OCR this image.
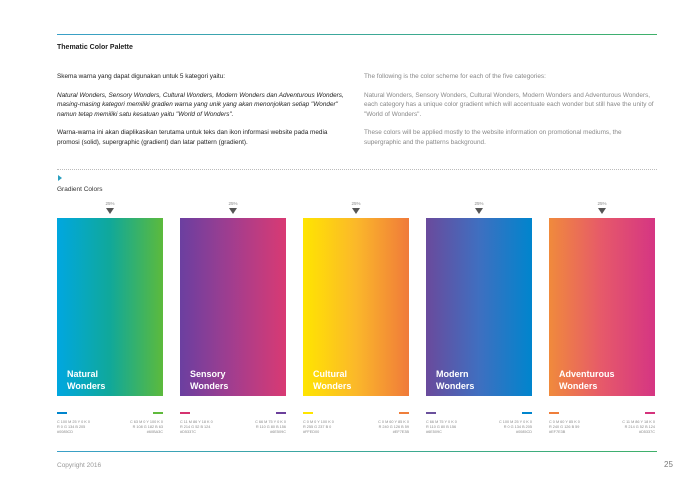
Thematic Color Palette

Skema warna yang dapat digunakan untuk 5 kategori yaitu:

Natural Wonders, Sensory Wonders, Cultural Wonders, Modern Wonders dan Adventurous Wonders, masing-masing kategori memiliki gradien warna yang unik yang akan menonjolkan setiap "Wonder" namun tetap memiliki satu kesatuan yaitu "World of Wonders".

Warna-warna ini akan diaplikasikan terutama untuk teks dan ikon informasi website pada media promosi (solid), supergraphic (gradient) dan latar pattern (gradient).

The following is the color scheme for each of the five categories:

Natural Wonders, Sensory Wonders, Cultural Wonders, Modern Wonders and Adventurous Wonders, each category has a unique color gradient which will accentuate each wonder but still have the unity of "World of Wonders".

These colors will be applied mostly to the website information on promotional mediums, the supergraphic and the patterns background.

Gradient Colors
25%
Natural
Wonders
C 100 M 25 Y 0 K 0
R 0 G 134 B 205
#0085CD
C 63 M 0 Y 100 K 0
R 108 G 182 B 63
#60BA3C
25%
Sensory
Wonders
C 11 M 86 Y 18 K 0
R 214 G 52 B 124
#D5337C
C 66 M 75 Y 0 K 0
R 110 G 80 B 156
#6E509C
25%
Cultural
Wonders
C 0 M 0 Y 100 K 0
R 255 G 237 B 0
#FFED00
C 0 M 60 Y 85 K 0
R 240 G 126 B 59
#EF7E3B
25%
Modern
Wonders
C 66 M 75 Y 0 K 0
R 110 G 80 B 156
#6E509C
C 100 M 25 Y 0 K 0
R 0 G 134 B 205
#0085CD
25%
Adventurous
Wonders
C 0 M 60 Y 85 K 0
R 240 G 126 B 59
#EF7E3B
C 11 M 86 Y 18 K 0
R 214 G 52 B 124
#D5337C
Copyright 2016	25
